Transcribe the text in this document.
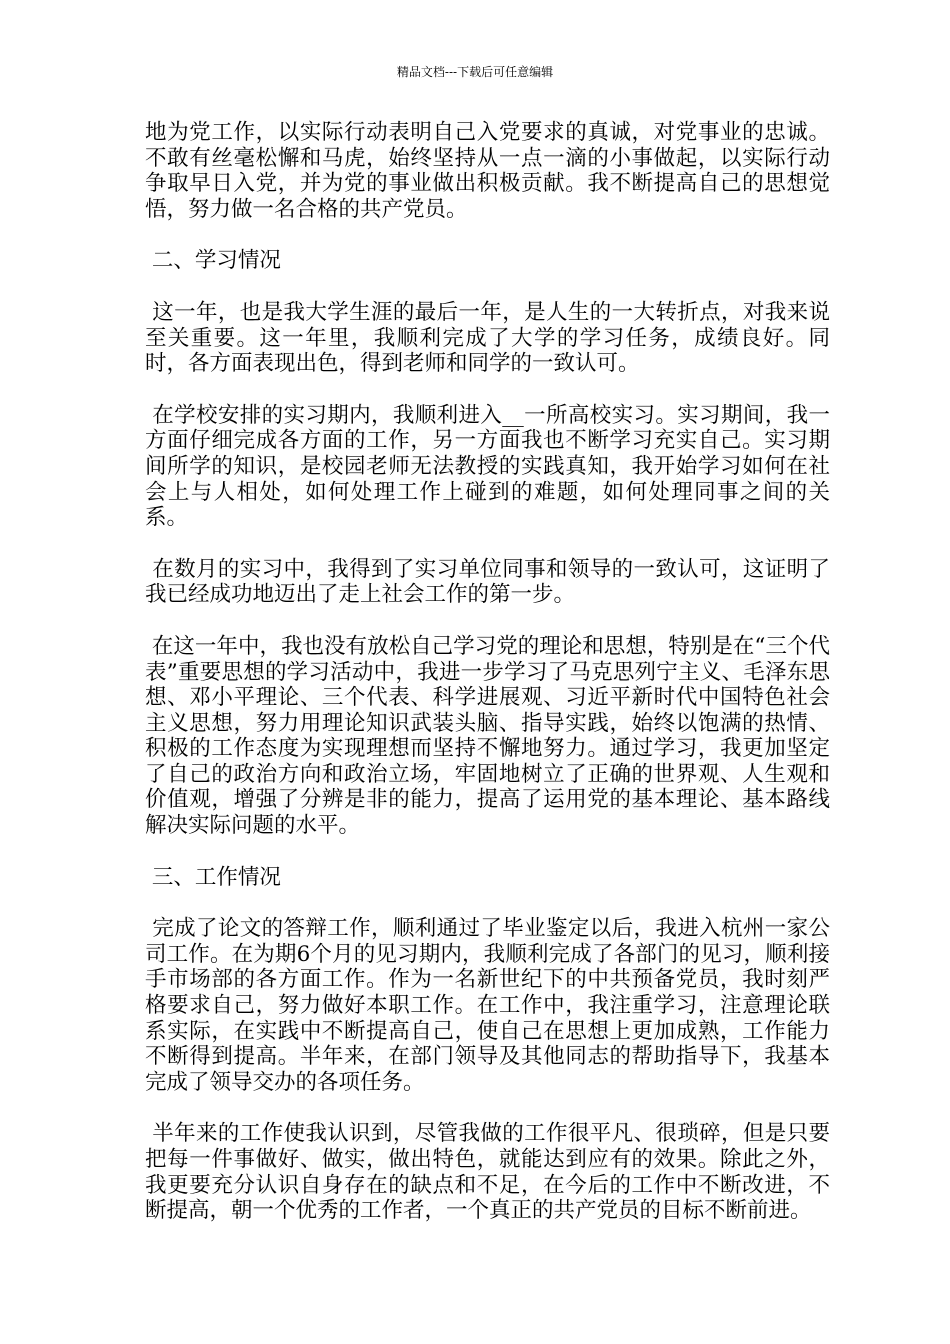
精品文档---下载后可任意编辑

地为党工作，以实际行动表明自己入党要求的真诚，对党事业的忠诚。不敢有丝毫松懈和马虎，始终坚持从一点一滴的小事做起，以实际行动争取早日入党，并为党的事业做出积极贡献。我不断提高自己的思想觉悟，努力做一名合格的共产党员。

二、学习情况

这一年，也是我大学生涯的最后一年，是人生的一大转折点，对我来说至关重要。这一年里，我顺利完成了大学的学习任务，成绩良好。同时，各方面表现出色，得到老师和同学的一致认可。

在学校安排的实习期内，我顺利进入__一所高校实习。实习期间，我一方面仔细完成各方面的工作，另一方面我也不断学习充实自己。实习期间所学的知识，是校园老师无法教授的实践真知，我开始学习如何在社会上与人相处，如何处理工作上碰到的难题，如何处理同事之间的关系。

在数月的实习中，我得到了实习单位同事和领导的一致认可，这证明了我已经成功地迈出了走上社会工作的第一步。

在这一年中，我也没有放松自己学习党的理论和思想，特别是在“三个代表”重要思想的学习活动中，我进一步学习了马克思列宁主义、毛泽东思想、邓小平理论、三个代表、科学进展观、习近平新时代中国特色社会主义思想，努力用理论知识武装头脑、指导实践，始终以饱满的热情、积极的工作态度为实现理想而坚持不懈地努力。通过学习，我更加坚定了自己的政治方向和政治立场，牢固地树立了正确的世界观、人生观和价值观，增强了分辨是非的能力，提高了运用党的基本理论、基本路线解决实际问题的水平。

三、工作情况

完成了论文的答辩工作，顺利通过了毕业鉴定以后，我进入杭州一家公司工作。在为期6个月的见习期内，我顺利完成了各部门的见习，顺利接手市场部的各方面工作。作为一名新世纪下的中共预备党员，我时刻严格要求自己，努力做好本职工作。在工作中，我注重学习，注意理论联系实际，在实践中不断提高自己，使自己在思想上更加成熟，工作能力不断得到提高。半年来，在部门领导及其他同志的帮助指导下，我基本完成了领导交办的各项任务。

半年来的工作使我认识到，尽管我做的工作很平凡、很琐碎，但是只要把每一件事做好、做实，做出特色，就能达到应有的效果。除此之外，我更要充分认识自身存在的缺点和不足，在今后的工作中不断改进，不断提高，朝一个优秀的工作者，一个真正的共产党员的目标不断前进。
